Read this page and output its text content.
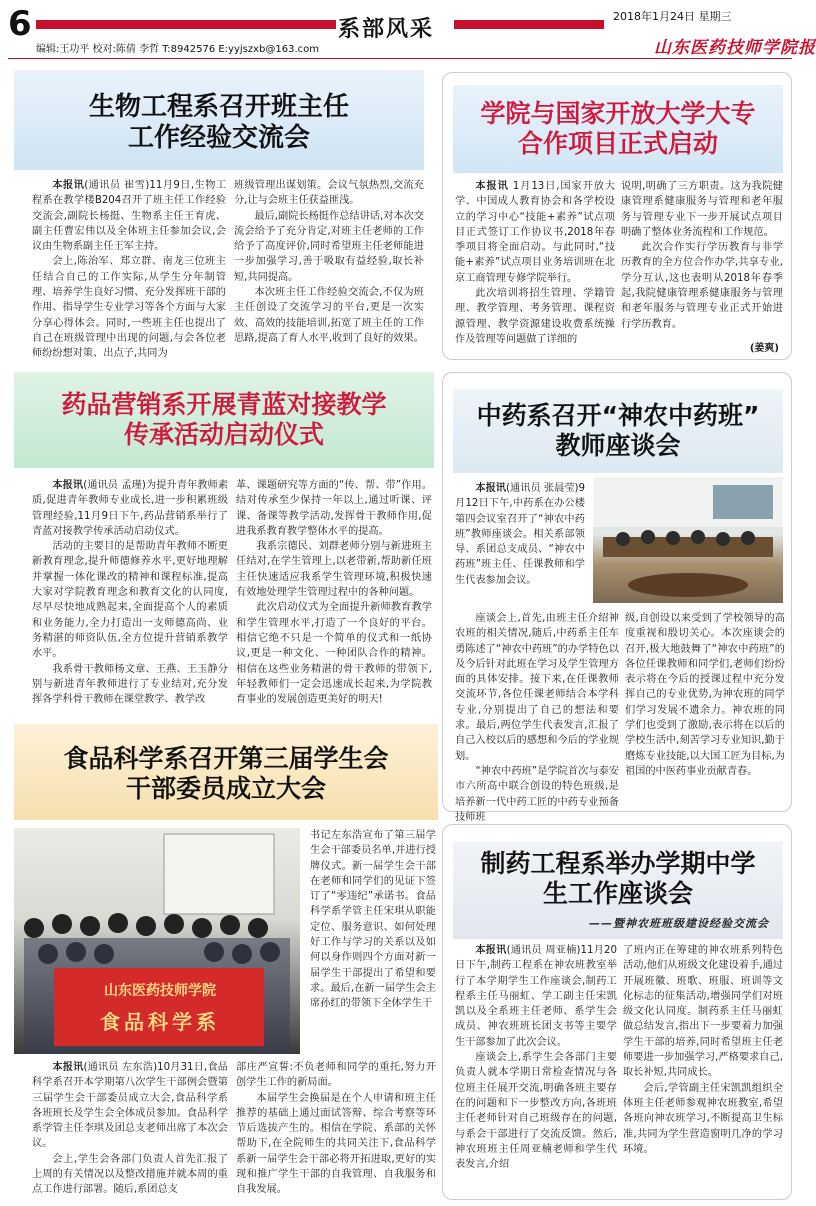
6	系部风采	2018年1月24日 星期三
编辑:王功平 校对:陈倩 李哲 T:8942576 E:yyjszxb@163.com	山东医药技师学院报
生物工程系召开班主任
工作经验交流会

本报讯(通讯员 崔雪)11月9日,生物工程系在教学楼B204召开了班主任工作经验交流会,副院长杨挺、生物系主任王育虎、副主任曹宏伟以及全体班主任参加会议,会议由生物系副主任王军主持。

会上,陈治军、郑立群、南龙三位班主任结合自己的工作实际,从学生分年制管理、培养学生良好习惯、充分发挥班干部的作用、指导学生专业学习等各个方面与大家分享心得体会。同时,一些班主任也提出了自己在班级管理中出现的问题,与会各位老师纷纷想对策、出点子,共同为

班级管理出谋划策。会议气氛热烈,交流充分,让与会班主任获益匪浅。

最后,副院长杨挺作总结讲话,对本次交流会给予了充分肯定,对班主任老师的工作给予了高度评价,同时希望班主任老师能进一步加强学习,善于吸取有益经验,取长补短,共同提高。

本次班主任工作经验交流会,不仅为班主任创设了交流学习的平台,更是一次实效、高效的技能培训,拓宽了班主任的工作思路,提高了育人水平,收到了良好的效果。

学院与国家开放大学大专
合作项目正式启动

本报讯 1月13日,国家开放大学、中国成人教育协会和各学校设立的学习中心“技能+素养”试点项目正式签订工作协议书,2018年春季项目将全面启动。与此同时,“技能+素养”试点项目业务培训班在北京工商管理专修学院举行。

此次培训将招生管理、学籍管理、教学管理、考务管理、课程资源管理、教学资源建设收费系统操作及管理等问题做了详细的

说明,明确了三方职责。这为我院健康管理系健康服务与管理和老年服务与管理专业下一步开展试点项目明确了整体业务流程和工作规范。

此次合作实行学历教育与非学历教育的全方位合作办学,共享专业,学分互认,这也表明从2018年春季起,我院健康管理系健康服务与管理和老年服务与管理专业正式开始进行学历教育。

(姜爽)
药品营销系开展青蓝对接教学
传承活动启动仪式

本报讯(通讯员 孟瑾)为提升青年教师素质,促进青年教师专业成长,进一步积累班级管理经验,11月9日下午,药品营销系举行了青蓝对接教学传承活动启动仪式。

活动的主要目的是帮助青年教师不断更新教育理念,提升师德修养水平,更好地理解并掌握一体化课改的精神和课程标准,提高大家对学院教育理念和教育文化的认同度,尽早尽快地成熟起来,全面提高个人的素质和业务能力,全力打造出一支师德高尚、业务精湛的师资队伍,全方位提升营销系教学水平。

我系骨干教师杨文章、王燕、王玉静分别与新进青年教师进行了专业结对,充分发挥各学科骨干教师在课堂教学、教学改

革、课题研究等方面的“传、帮、带”作用。结对传承至少保持一年以上,通过听课、评课、备课等教学活动,发挥骨干教师作用,促进我系教育教学整体水平的提高。

我系宗德民、刘群老师分别与新进班主任结对,在学生管理上,以老带新,帮助新任班主任快速适应我系学生管理环境,积极快速有效地处理学生管理过程中的各种问题。

此次启动仪式为全面提升新师教育教学和学生管理水平,打造了一个良好的平台。相信它绝不只是一个简单的仪式和一纸协议,更是一种文化、一种团队合作的精神。相信在这些业务精湛的骨干教师的带领下,年轻教师们一定会迅速成长起来,为学院教育事业的发展创造更美好的明天!

中药系召开“神农中药班”
教师座谈会

本报讯(通讯员 张晨莹)9月12日下午,中药系在办公楼第四会议室召开了“神农中药班”教师座谈会。相关系部领导、系团总支成员、“神农中药班”班主任、任课教师和学生代表参加会议。

座谈会上,首先,由班主任介绍神农班的相关情况,随后,中药系主任车勇陈述了“神农中药班”的办学特色以及今后针对此班在学习及学生管理方面的具体安排。接下来,在任课教师交流环节,各位任课老师结合本学科专业,分别提出了自己的想法和要求。最后,两位学生代表发言,汇报了自己入校以后的感想和今后的学业规划。

“神农中药班”是学院首次与泰安市六所高中联合创设的特色班级,是培养新一代中药工匠的中药专业预备技师班

级,自创设以来受到了学校领导的高度重视和殷切关心。本次座谈会的召开,极大地鼓舞了“神农中药班”的各位任课教师和同学们,老师们纷纷表示将在今后的授课过程中充分发挥自己的专业优势,为神农班的同学们学习发展不遗余力。神农班的同学们也受到了激励,表示将在以后的学校生活中,刻苦学习专业知识,勤于磨炼专业技能,以大国工匠为目标,为祖国的中医药事业贡献青春。

食品科学系召开第三届学生会
干部委员成立大会
山东医药技师学院
食品科学系

书记左东浩宣布了第三届学生会干部委员名单,并进行授牌仪式。新一届学生会干部在老师和同学们的见证下签订了“零违纪”承诺书。食品科学系学管主任宋琪从职能定位、服务意识、如何处理好工作与学习的关系以及如何以身作则四个方面对新一届学生干部提出了希望和要求。最后,在新一届学生会主席孙红的带领下全体学生干

本报讯(通讯员 左东浩)10月31日,食品科学系召开本学期第八次学生干部例会暨第三届学生会干部委员成立大会,食品科学系各班班长及学生会全体成员参加。食品科学系学管主任李琪及团总支老师出席了本次会议。

会上,学生会各部门负责人首先汇报了上周的有关情况以及整改措施并就本周的重点工作进行部署。随后,系团总支

部庄严宣誓:不负老师和同学的重托,努力开创学生工作的新局面。

本届学生会换届是在个人申请和班主任推荐的基础上通过面试答辩、综合考察等环节后选拔产生的。相信在学院、系部的关怀帮助下,在全院师生的共同关注下,食品科学系新一届学生会干部必将开拓进取,更好的实现和推广学生干部的自我管理、自我服务和自我发展。

制药工程系举办学期中学
生工作座谈会
——暨神农班班级建设经验交流会

本报讯(通讯员 周亚楠)11月20日下午,制药工程系在神农班教室举行了本学期学生工作座谈会,制药工程系主任马丽虹、学工副主任宋凯凯以及全系班主任老师、系学生会成员、神农班班长团支书等主要学生干部参加了此次会议。

座谈会上,系学生会各部门主要负责人就本学期日常检查情况与各位班主任展开交流,明确各班主要存在的问题和下一步整改方向,各班班主任老师针对自己班级存在的问题,与系会干部进行了交流反馈。然后,神农班班主任周亚楠老师和学生代表发言,介绍

了班内正在筹建的神农班系列特色活动,他们从班级文化建设着手,通过开展班徽、班歌、班服、班训等文化标志的征集活动,增强同学们对班级文化认同度。制药系主任马丽虹做总结发言,指出下一步要着力加强学生干部的培养,同时希望班主任老师要进一步加强学习,严格要求自己,取长补短,共同成长。

会后,学管副主任宋凯凯组织全体班主任老师参观神农班教室,希望各班向神农班学习,不断提高卫生标准,共同为学生营造窗明几净的学习环境。
